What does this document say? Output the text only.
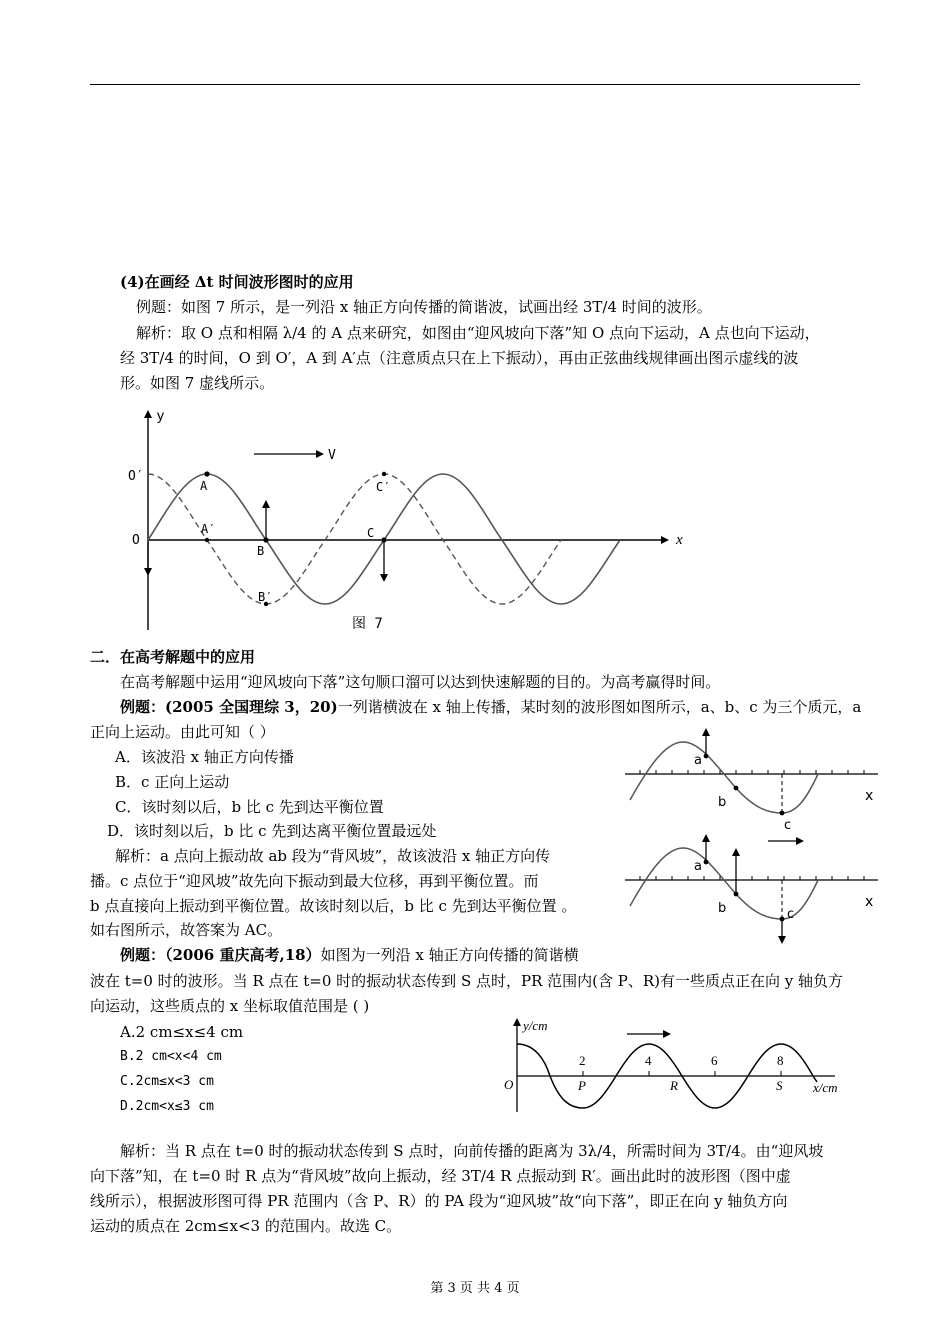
(4)在画经 Δt 时间波形图时的应用
例题：如图 7 所示，是一列沿 x 轴正方向传播的简谐波，试画出经 3T/4 时间的波形。
解析：取 O 点和相隔 λ/4 的 A 点来研究，如图由“迎风坡向下落”知 O 点向下运动，A 点也向下运动，
经 3T/4 的时间，O 到 O′，A 到 A′点（注意质点只在上下振动），再由正弦曲线规律画出图示虚线的波
形。如图 7 虚线所示。
y
x
V
O′
O
A
A′
B
B′
C
C′
图 7
二．在高考解题中的应用
在高考解题中运用“迎风坡向下落”这句顺口溜可以达到快速解题的目的。为高考赢得时间。
例题：(2005 全国理综 3，20)一列谐横波在 x 轴上传播，某时刻的波形图如图所示，a、b、c 为三个质元，a
正向上运动。由此可知（ ）
A．该波沿 x 轴正方向传播
B．c 正向上运动
C．该时刻以后，b 比 c 先到达平衡位置
D．该时刻以后，b 比 c 先到达离平衡位置最远处
解析：a 点向上振动故 ab 段为“背风坡”，故该波沿 x 轴正方向传
播。c 点位于“迎风坡”故先向下振动到最大位移，再到平衡位置。而
b 点直接向上振动到平衡位置。故该时刻以后，b 比 c 先到达平衡位置 。
如右图所示，故答案为 AC。
a
b
c
x
a
b	c
x
例题：（2006 重庆高考,18）如图为一列沿 x 轴正方向传播的简谐横
波在 t=0 时的波形。当 R 点在 t=0 时的振动状态传到 S 点时，PR 范围内(含 P、R)有一些质点正在向 y 轴负方
向运动，这些质点的 x 坐标取值范围是 ( )
A.2 cm≤x≤4 cm
B.2 cm<x<4 cm
C.2cm≤x<3 cm
D.2cm<x≤3 cm
y/cm
x/cm
O
2	4	6	8
P	R	S
解析：当 R 点在 t=0 时的振动状态传到 S 点时，向前传播的距离为 3λ/4，所需时间为 3T/4。由“迎风坡
向下落”知，在 t=0 时 R 点为“背风坡”故向上振动，经 3T/4 R 点振动到 R′。画出此时的波形图（图中虚
线所示），根据波形图可得 PR 范围内（含 P、R）的 PA 段为“迎风坡”故“向下落”，即正在向 y 轴负方向
运动的质点在 2cm≤x<3 的范围内。故选 C。
第 3 页 共 4 页
